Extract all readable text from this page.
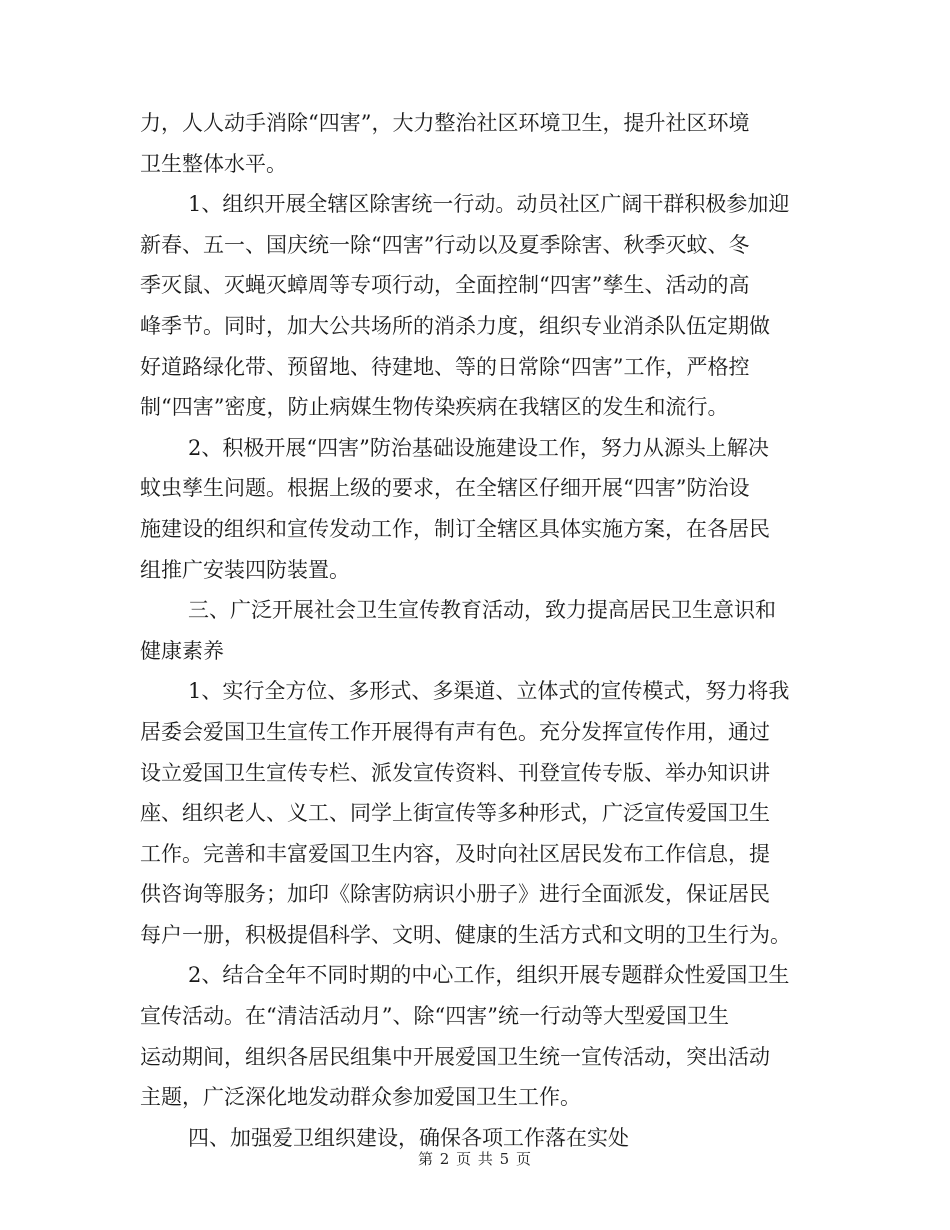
力，人人动手消除“四害”，大力整治社区环境卫生，提升社区环境
卫生整体水平。
1、组织开展全辖区除害统一行动。动员社区广阔干群积极参加迎
新春、五一、国庆统一除“四害”行动以及夏季除害、秋季灭蚊、冬
季灭鼠、灭蝇灭蟑周等专项行动，全面控制“四害”孳生、活动的高
峰季节。同时，加大公共场所的消杀力度，组织专业消杀队伍定期做
好道路绿化带、预留地、待建地、等的日常除“四害”工作，严格控
制“四害”密度，防止病媒生物传染疾病在我辖区的发生和流行。
2、积极开展“四害”防治基础设施建设工作，努力从源头上解决
蚊虫孳生问题。根据上级的要求，在全辖区仔细开展“四害”防治设
施建设的组织和宣传发动工作，制订全辖区具体实施方案，在各居民
组推广安装四防装置。
三、广泛开展社会卫生宣传教育活动，致力提高居民卫生意识和
健康素养
1、实行全方位、多形式、多渠道、立体式的宣传模式，努力将我
居委会爱国卫生宣传工作开展得有声有色。充分发挥宣传作用，通过
设立爱国卫生宣传专栏、派发宣传资料、刊登宣传专版、举办知识讲
座、组织老人、义工、同学上街宣传等多种形式，广泛宣传爱国卫生
工作。完善和丰富爱国卫生内容，及时向社区居民发布工作信息，提
供咨询等服务；加印《除害防病识小册子》进行全面派发，保证居民
每户一册，积极提倡科学、文明、健康的生活方式和文明的卫生行为。
2、结合全年不同时期的中心工作，组织开展专题群众性爱国卫生
宣传活动。在“清洁活动月”、除“四害”统一行动等大型爱国卫生
运动期间，组织各居民组集中开展爱国卫生统一宣传活动，突出活动
主题，广泛深化地发动群众参加爱国卫生工作。
四、加强爱卫组织建设，确保各项工作落在实处
第 2 页 共 5 页
